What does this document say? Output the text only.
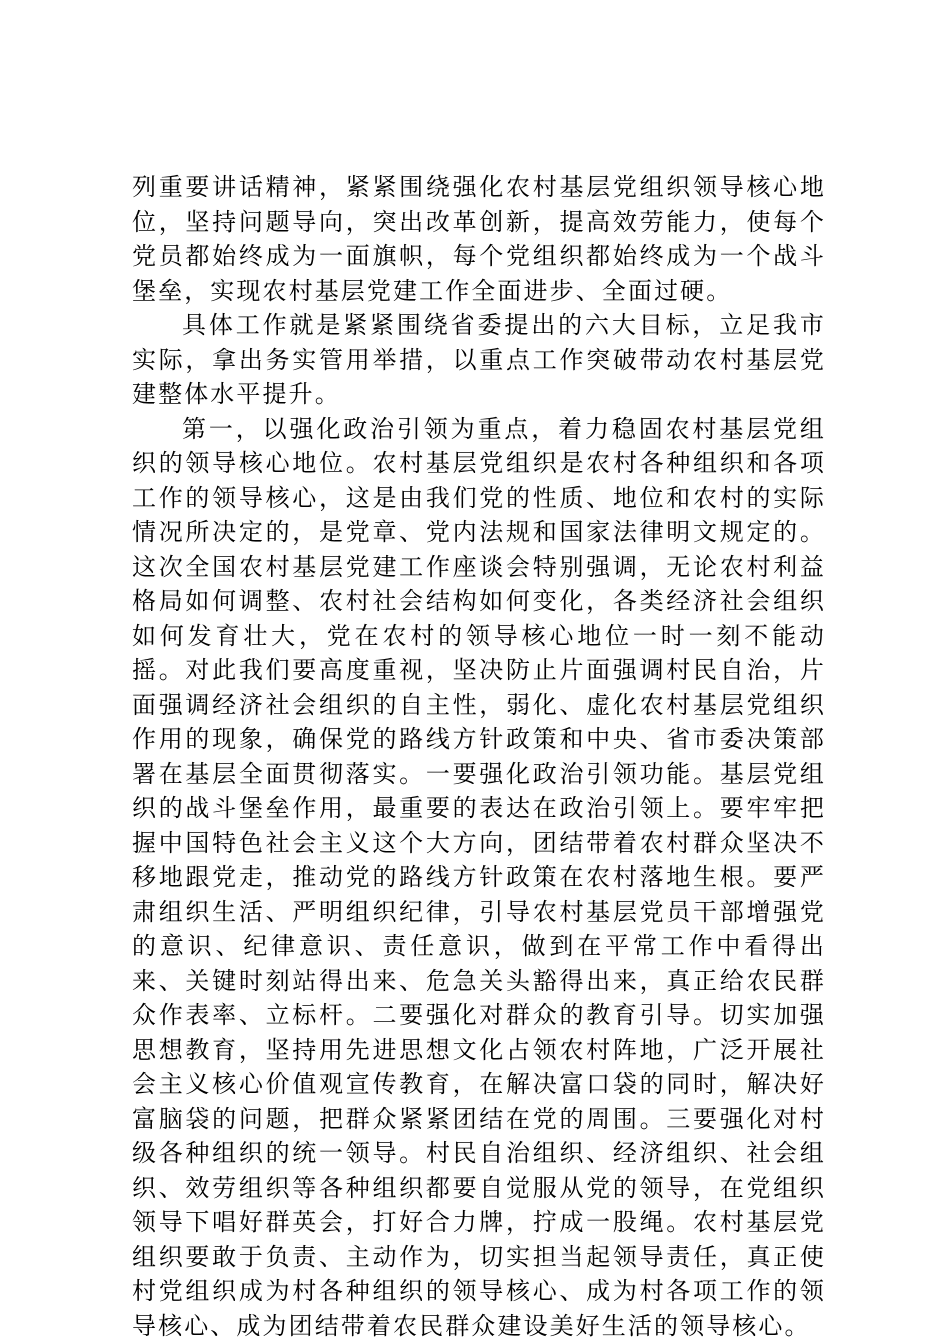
列重要讲话精神，紧紧围绕强化农村基层党组织领导核心地位，坚持问题导向，突出改革创新，提高效劳能力，使每个党员都始终成为一面旗帜，每个党组织都始终成为一个战斗堡垒，实现农村基层党建工作全面进步、全面过硬。

具体工作就是紧紧围绕省委提出的六大目标，立足我市实际，拿出务实管用举措，以重点工作突破带动农村基层党建整体水平提升。

第一，以强化政治引领为重点，着力稳固农村基层党组织的领导核心地位。农村基层党组织是农村各种组织和各项工作的领导核心，这是由我们党的性质、地位和农村的实际情况所决定的，是党章、党内法规和国家法律明文规定的。这次全国农村基层党建工作座谈会特别强调，无论农村利益格局如何调整、农村社会结构如何变化，各类经济社会组织如何发育壮大，党在农村的领导核心地位一时一刻不能动摇。对此我们要高度重视，坚决防止片面强调村民自治，片面强调经济社会组织的自主性，弱化、虚化农村基层党组织作用的现象，确保党的路线方针政策和中央、省市委决策部署在基层全面贯彻落实。一要强化政治引领功能。基层党组织的战斗堡垒作用，最重要的表达在政治引领上。要牢牢把握中国特色社会主义这个大方向，团结带着农村群众坚决不移地跟党走，推动党的路线方针政策在农村落地生根。要严肃组织生活、严明组织纪律，引导农村基层党员干部增强党的意识、纪律意识、责任意识，做到在平常工作中看得出来、关键时刻站得出来、危急关头豁得出来，真正给农民群众作表率、立标杆。二要强化对群众的教育引导。切实加强思想教育，坚持用先进思想文化占领农村阵地，广泛开展社会主义核心价值观宣传教育，在解决富口袋的同时，解决好富脑袋的问题，把群众紧紧团结在党的周围。三要强化对村级各种组织的统一领导。村民自治组织、经济组织、社会组织、效劳组织等各种组织都要自觉服从党的领导，在党组织领导下唱好群英会，打好合力牌，拧成一股绳。农村基层党组织要敢于负责、主动作为，切实担当起领导责任，真正使村党组织成为村各种组织的领导核心、成为村各项工作的领导核心、成为团结带着农民群众建设美好生活的领导核心。
